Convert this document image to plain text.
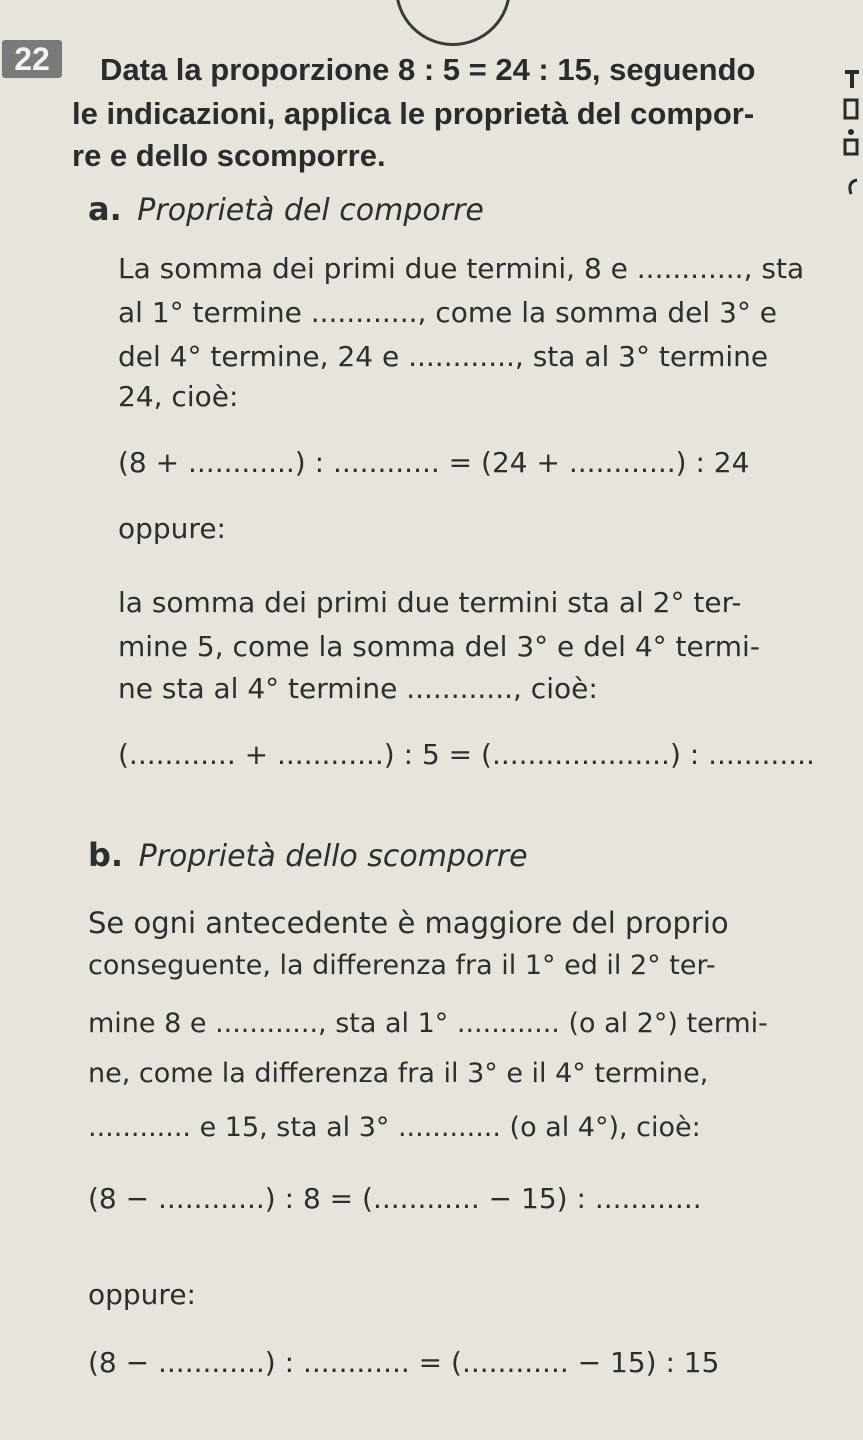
22	Data la proporzione 8 : 5 = 24 : 15, seguendo
le indicazioni, applica le proprietà del compor-
re e dello scomporre.
a. Proprietà del comporre
La somma dei primi due termini, 8 e ............, sta
al 1° termine ............, come la somma del 3° e
del 4° termine, 24 e ............, sta al 3° termine
24, cioè:
(8 + ............) : ............ = (24 + ............) : 24
oppure:
la somma dei primi due termini sta al 2° ter-
mine 5, come la somma del 3° e del 4° termi-
ne sta al 4° termine ............, cioè:
(............ + ............) : 5 = (....................) : ............
b. Proprietà dello scomporre
Se ogni antecedente è maggiore del proprio
conseguente, la differenza fra il 1° ed il 2° ter-
mine 8 e ............, sta al 1° ............ (o al 2°) termi-
ne, come la differenza fra il 3° e il 4° termine,
............ e 15, sta al 3° ............ (o al 4°), cioè:
(8 − ............) : 8 = (............ − 15) : ............
oppure:
(8 − ............) : ............ = (............ − 15) : 15
